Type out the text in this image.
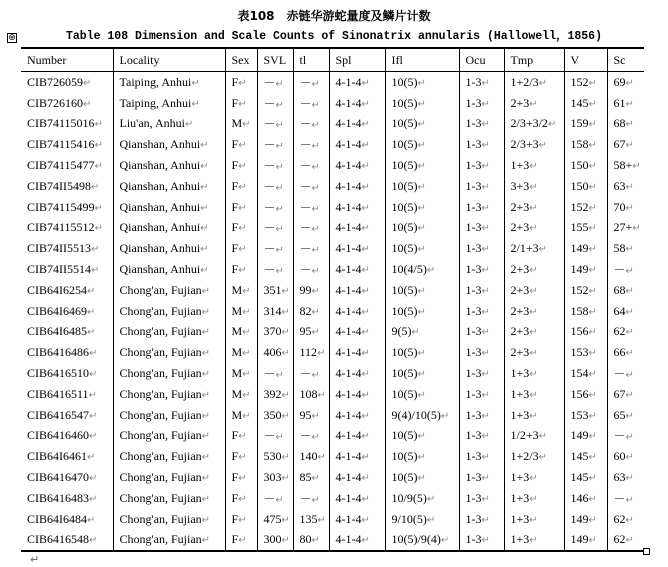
表108　赤链华游蛇量度及鳞片计数
Table 108 Dimension and Scale Counts of Sinonatrix annularis (Hallowell，1856)
⊕
Number	Locality	Sex	SVL	tl	Spl	Ifl	Ocu	Tmp	V	Sc
CIB726059↵	Taiping, Anhui↵	F↵	－↵	－↵	4-1-4↵	10(5)↵	1-3↵	1+2/3↵	152↵	69↵
CIB726160↵	Taiping, Anhui↵	F↵	－↵	－↵	4-1-4↵	10(5)↵	1-3↵	2+3↵	145↵	61↵
CIB74115016↵	Liu'an, Anhui↵	M↵	－↵	－↵	4-1-4↵	10(5)↵	1-3↵	2/3+3/2↵	159↵	68↵
CIB74115416↵	Qianshan, Anhui↵	F↵	－↵	－↵	4-1-4↵	10(5)↵	1-3↵	2/3+3↵	158↵	67↵
CIB74115477↵	Qianshan, Anhui↵	F↵	－↵	－↵	4-1-4↵	10(5)↵	1-3↵	1+3↵	150↵	58+↵
CIB74II5498↵	Qianshan, Anhui↵	F↵	－↵	－↵	4-1-4↵	10(5)↵	1-3↵	3+3↵	150↵	63↵
CIB74115499↵	Qianshan, Anhui↵	F↵	－↵	－↵	4-1-4↵	10(5)↵	1-3↵	2+3↵	152↵	70↵
CIB74115512↵	Qianshan, Anhui↵	F↵	－↵	－↵	4-1-4↵	10(5)↵	1-3↵	2+3↵	155↵	27+↵
CIB74II5513↵	Qianshan, Anhui↵	F↵	－↵	－↵	4-1-4↵	10(5)↵	1-3↵	2/1+3↵	149↵	58↵
CIB74II5514↵	Qianshan, Anhui↵	F↵	－↵	－↵	4-1-4↵	10(4/5)↵	1-3↵	2+3↵	149↵	－↵
CIB64I6254↵	Chong'an, Fujian↵	M↵	351↵	99↵	4-1-4↵	10(5)↵	1-3↵	2+3↵	152↵	68↵
CIB64I6469↵	Chong'an, Fujian↵	M↵	314↵	82↵	4-1-4↵	10(5)↵	1-3↵	2+3↵	158↵	64↵
CIB64I6485↵	Chong'an, Fujian↵	M↵	370↵	95↵	4-1-4↵	9(5)↵	1-3↵	2+3↵	156↵	62↵
CIB6416486↵	Chong'an, Fujian↵	M↵	406↵	112↵	4-1-4↵	10(5)↵	1-3↵	2+3↵	153↵	66↵
CIB6416510↵	Chong'an, Fujian↵	M↵	－↵	－↵	4-1-4↵	10(5)↵	1-3↵	1+3↵	154↵	－↵
CIB6416511↵	Chong'an, Fujian↵	M↵	392↵	108↵	4-1-4↵	10(5)↵	1-3↵	1+3↵	156↵	67↵
CIB6416547↵	Chong'an, Fujian↵	M↵	350↵	95↵	4-1-4↵	9(4)/10(5)↵	1-3↵	1+3↵	153↵	65↵
CIB6416460↵	Chong'an, Fujian↵	F↵	－↵	－↵	4-1-4↵	10(5)↵	1-3↵	1/2+3↵	149↵	－↵
CIB64I6461↵	Chong'an, Fujian↵	F↵	530↵	140↵	4-1-4↵	10(5)↵	1-3↵	1+2/3↵	145↵	60↵
CIB6416470↵	Chong'an, Fujian↵	F↵	303↵	85↵	4-1-4↵	10(5)↵	1-3↵	1+3↵	145↵	63↵
CIB6416483↵	Chong'an, Fujian↵	F↵	－↵	－↵	4-1-4↵	10/9(5)↵	1-3↵	1+3↵	146↵	－↵
CIB64I6484↵	Chong'an, Fujian↵	F↵	475↵	135↵	4-1-4↵	9/10(5)↵	1-3↵	1+3↵	149↵	62↵
CIB6416548↵	Chong'an, Fujian↵	F↵	300↵	80↵	4-1-4↵	10(5)/9(4)↵	1-3↵	1+3↵	149↵	62↵
↵
